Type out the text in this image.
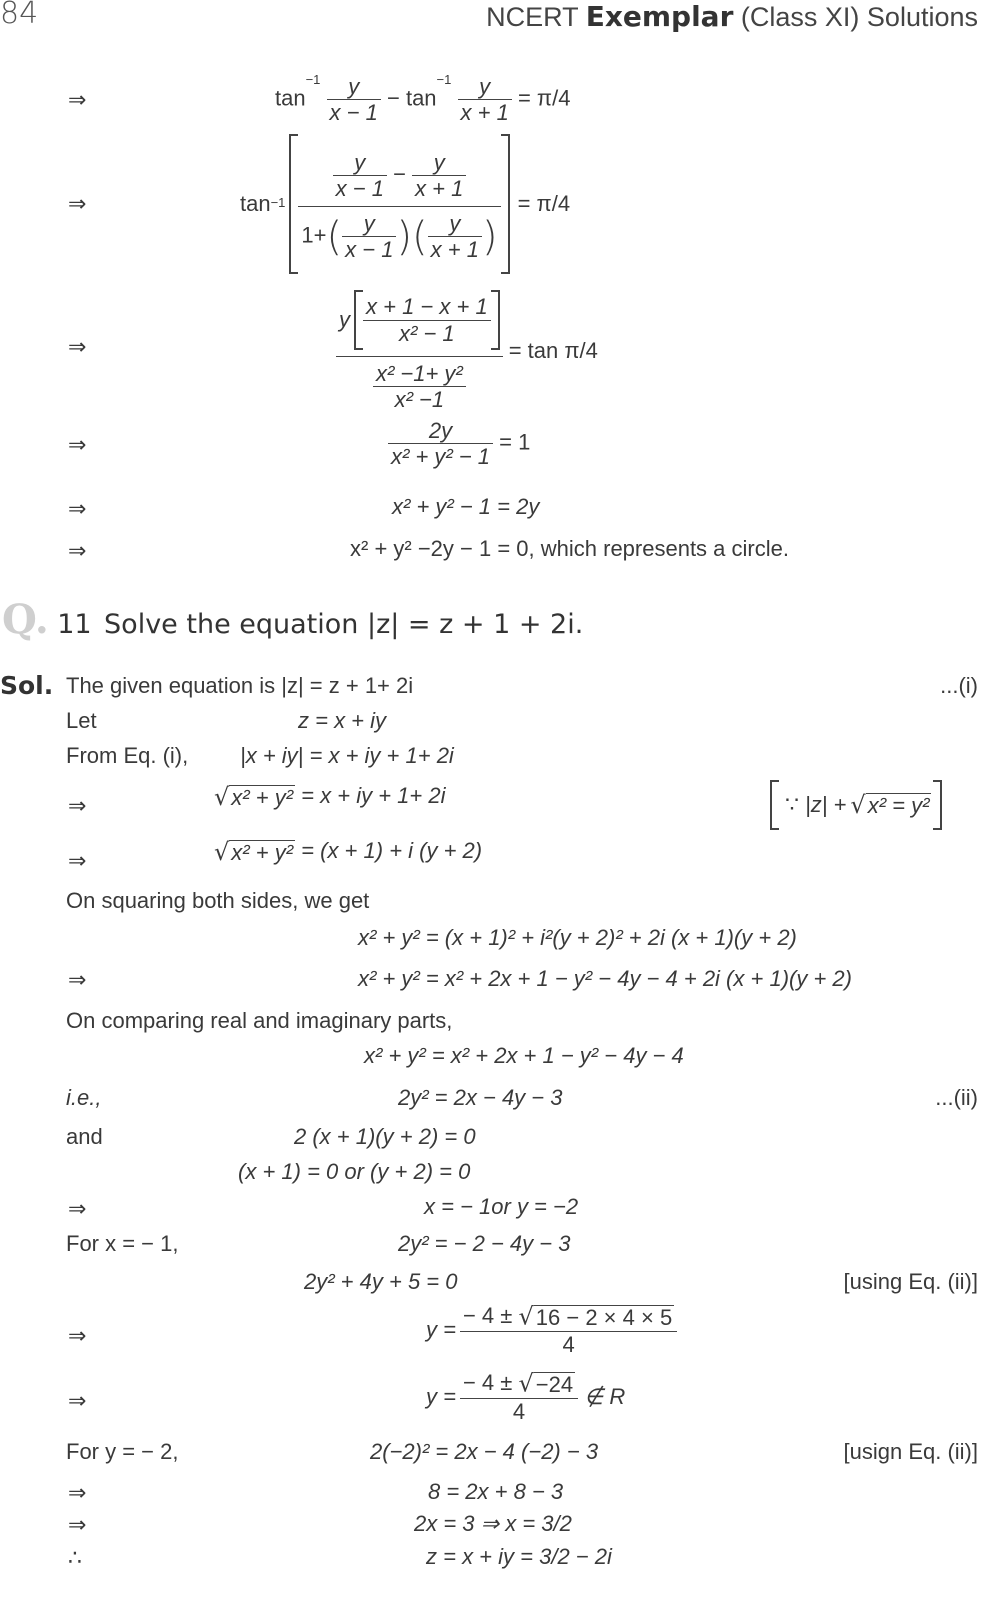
84	NCERT Exemplar (Class XI) Solutions
⇒	$\tan^{-1} \frac{y}{x - 1} - \tan^{-1} \frac{y}{x + 1} = \pi/4$
⇒	$\tan^{-1} \frac{\frac{y}{x - 1} - \frac{y}{x + 1}}{1+( \frac{y}{x - 1} )( \frac{y}{x + 1} )} = \pi/4$
⇒	$\frac{y \frac{x + 1 - x + 1}{\text{x² − 1}}}{\frac{\text{x² −1+ y²}}{\text{x² −1}}} = \tan \pi/4$
⇒	$\frac{2y}{\text{x² + y² − 1}} = 1$
⇒	x² + y² − 1 = 2y
⇒	x² + y² −2y − 1 = 0, which represents a circle.
Q. 11 Solve the equation |z| = z + 1 + 2i.
Sol. The given equation is |z| = z + 1+ 2i	...(i)
Let	z = x + iy
From Eq. (i), |x + iy| = x + iy + 1+ 2i
⇒	√x² + y² = x + iy + 1+ 2i	∵ |z| + √x² = y²
⇒	√x² + y² = (x + 1) + i (y + 2)
On squaring both sides, we get
x² + y² = (x + 1)² + i²(y + 2)² + 2i (x + 1)(y + 2)
⇒	x² + y² = x² + 2x + 1 − y² − 4y − 4 + 2i (x + 1)(y + 2)
On comparing real and imaginary parts,
x² + y² = x² + 2x + 1 − y² − 4y − 4
i.e.,	2y² = 2x − 4y − 3	...(ii)
and	2 (x + 1)(y + 2) = 0
(x + 1) = 0 or (y + 2) = 0
⇒	x = − 1or y = −2
For x = − 1,	2y² = − 2 − 4y − 3
2y² + 4y + 5 = 0	[using Eq. (ii)]
⇒	$y = \frac{- 4 \pm √16 - 2 \times 4 \times 5}{4}$
⇒	$y = \frac{- 4 \pm √-24}{4}$ ∉ R
For y = − 2,	2(−2)² = 2x − 4 (−2) − 3	[usign Eq. (ii)]
⇒	8 = 2x + 8 − 3
⇒	2x = 3 ⇒ x = 3/2
∴	z = x + iy = 3/2 − 2i
